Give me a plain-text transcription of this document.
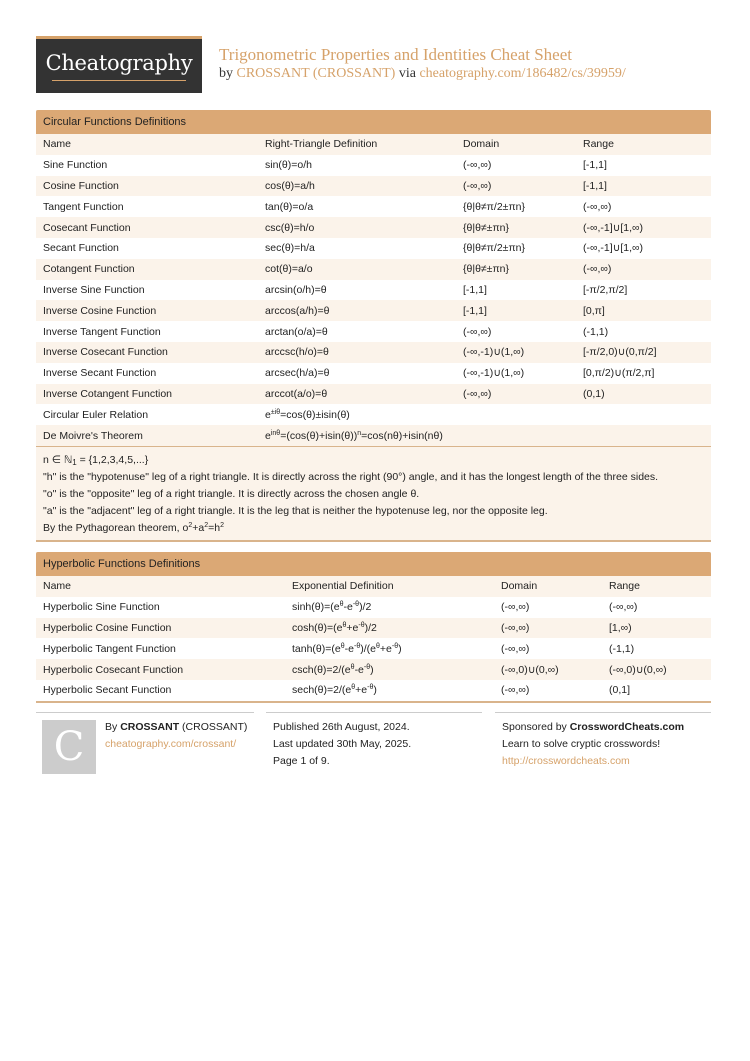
Cheatography	Trigonometric Properties and Identities Cheat Sheet
by CROSSANT (CROSSANT) via cheatography.com/186482/cs/39959/
Circular Functions Definitions
Name	Right-Triangle Definition	Domain	Range
Sine Function	sin(θ)=o/h	(-∞,∞)	[-1,1]
Cosine Function	cos(θ)=a/h	(-∞,∞)	[-1,1]
Tangent Function	tan(θ)=o/a	{θ|θ≠π/2±πn}	(-∞,∞)
Cosecant Function	csc(θ)=h/o	{θ|θ≠±πn}	(-∞,-1]∪[1,∞)
Secant Function	sec(θ)=h/a	{θ|θ≠π/2±πn}	(-∞,-1]∪[1,∞)
Cotangent Function	cot(θ)=a/o	{θ|θ≠±πn}	(-∞,∞)
Inverse Sine Function	arcsin(o/h)=θ	[-1,1]	[-π/2,π/2]
Inverse Cosine Function	arccos(a/h)=θ	[-1,1]	[0,π]
Inverse Tangent Function	arctan(o/a)=θ	(-∞,∞)	(-1,1)
Inverse Cosecant Function	arccsc(h/o)=θ	(-∞,-1)∪(1,∞)	[-π/2,0)∪(0,π/2]
Inverse Secant Function	arcsec(h/a)=θ	(-∞,-1)∪(1,∞)	[0,π/2)∪(π/2,π]
Inverse Cotangent Function	arccot(a/o)=θ	(-∞,∞)	(0,1)
Circular Euler Relation	$e^{\pm i\theta}=\cos(\theta)\pm isin(\theta)$		
De Moivre's Theorem	$e^{in\theta}=(\cos(\theta)+isin(\theta))^n=\cos(n\theta)+isin(n\theta)$		
n ∈ ℕ$_1$ = {1,2,3,4,5,...}
"h" is the "hypotenuse" leg of a right triangle. It is directly across the right (90°) angle, and it has the longest length of the three sides.
"o" is the "opposite" leg of a right triangle. It is directly across the chosen angle θ.
"a" is the "adjacent" leg of a right triangle. It is the leg that is neither the hypotenuse leg, nor the opposite leg.
By the Pythagorean theorem, $o^2+a^2=h^2$
Hyperbolic Functions Definitions
Name	Exponential Definition	Domain	Range
Hyperbolic Sine Function	$\sinh(\theta)=(e^\theta-e^{-\theta})/2$	(-∞,∞)	(-∞,∞)
Hyperbolic Cosine Function	$\cosh(\theta)=(e^\theta+e^{-\theta})/2$	(-∞,∞)	[1,∞)
Hyperbolic Tangent Function	$\tanh(\theta)=(e^\theta-e^{-\theta})/(e^\theta+e^{-\theta})$	(-∞,∞)	(-1,1)
Hyperbolic Cosecant Function	$\csc h(\theta)=2/(e^\theta-e^{-\theta})$	(-∞,0)∪(0,∞)	(-∞,0)∪(0,∞)
Hyperbolic Secant Function	$\sec h(\theta)=2/(e^\theta+e^{-\theta})$	(-∞,∞)	(0,1]
C	By CROSSANT (CROSSANT)
cheatography.com/crossant/
Published 26th August, 2024.
Last updated 30th May, 2025.
Page 1 of 9.
Sponsored by CrosswordCheats.com
Learn to solve cryptic crosswords!
http://crosswordcheats.com
